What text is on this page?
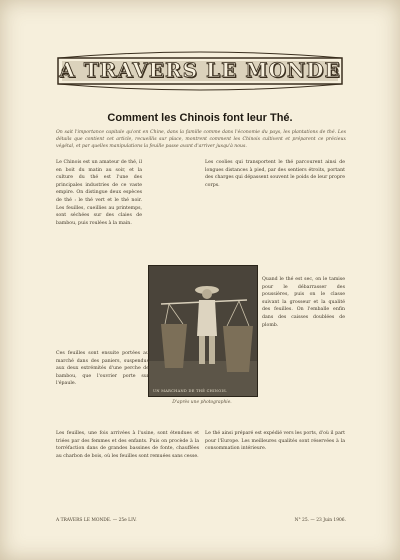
A TRAVERS LE MONDE
Comment les Chinois font leur Thé.
On sait l'importance capitale qu'ont en Chine, dans la famille comme dans l'économie du pays, les plantations de thé. Les détails que contient cet article, recueillis sur place, montrent comment les Chinois cultivent et préparent ce précieux végétal, et par quelles manipulations la feuille passe avant d'arriver jusqu'à nous.
Le Chinois est un amateur de thé, il en boit du matin au soir, et la culture du thé est l'une des principales industries de ce vaste empire. On distingue deux espèces de thé : le thé vert et le thé noir. Les feuilles, cueillies au printemps, sont séchées sur des claies de bambou, puis roulées à la main.
Les coolies qui transportent le thé parcourent ainsi de longues distances à pied, par des sentiers étroits, portant des charges qui dépassent souvent le poids de leur propre corps.
UN MARCHAND DE THÉ CHINOIS.
D'après une photographie.
Quand le thé est sec, on le tamise pour le débarrasser des poussières, puis on le classe suivant la grosseur et la qualité des feuilles. On l'emballe enfin dans des caisses doublées de plomb.
Ces feuilles sont ensuite portées au marché dans des paniers, suspendus aux deux extrémités d'une perche de bambou, que l'ouvrier porte sur l'épaule.
Les feuilles, une fois arrivées à l'usine, sont étendues et triées par des femmes et des enfants. Puis on procède à la torréfaction dans de grandes bassines de fonte, chauffées au charbon de bois, où les feuilles sont remuées sans cesse.
Le thé ainsi préparé est expédié vers les ports, d'où il part pour l'Europe. Les meilleures qualités sont réservées à la consommation intérieure.
A TRAVERS LE MONDE. — 25e LIV.	N° 25. — 23 Juin 1906.
